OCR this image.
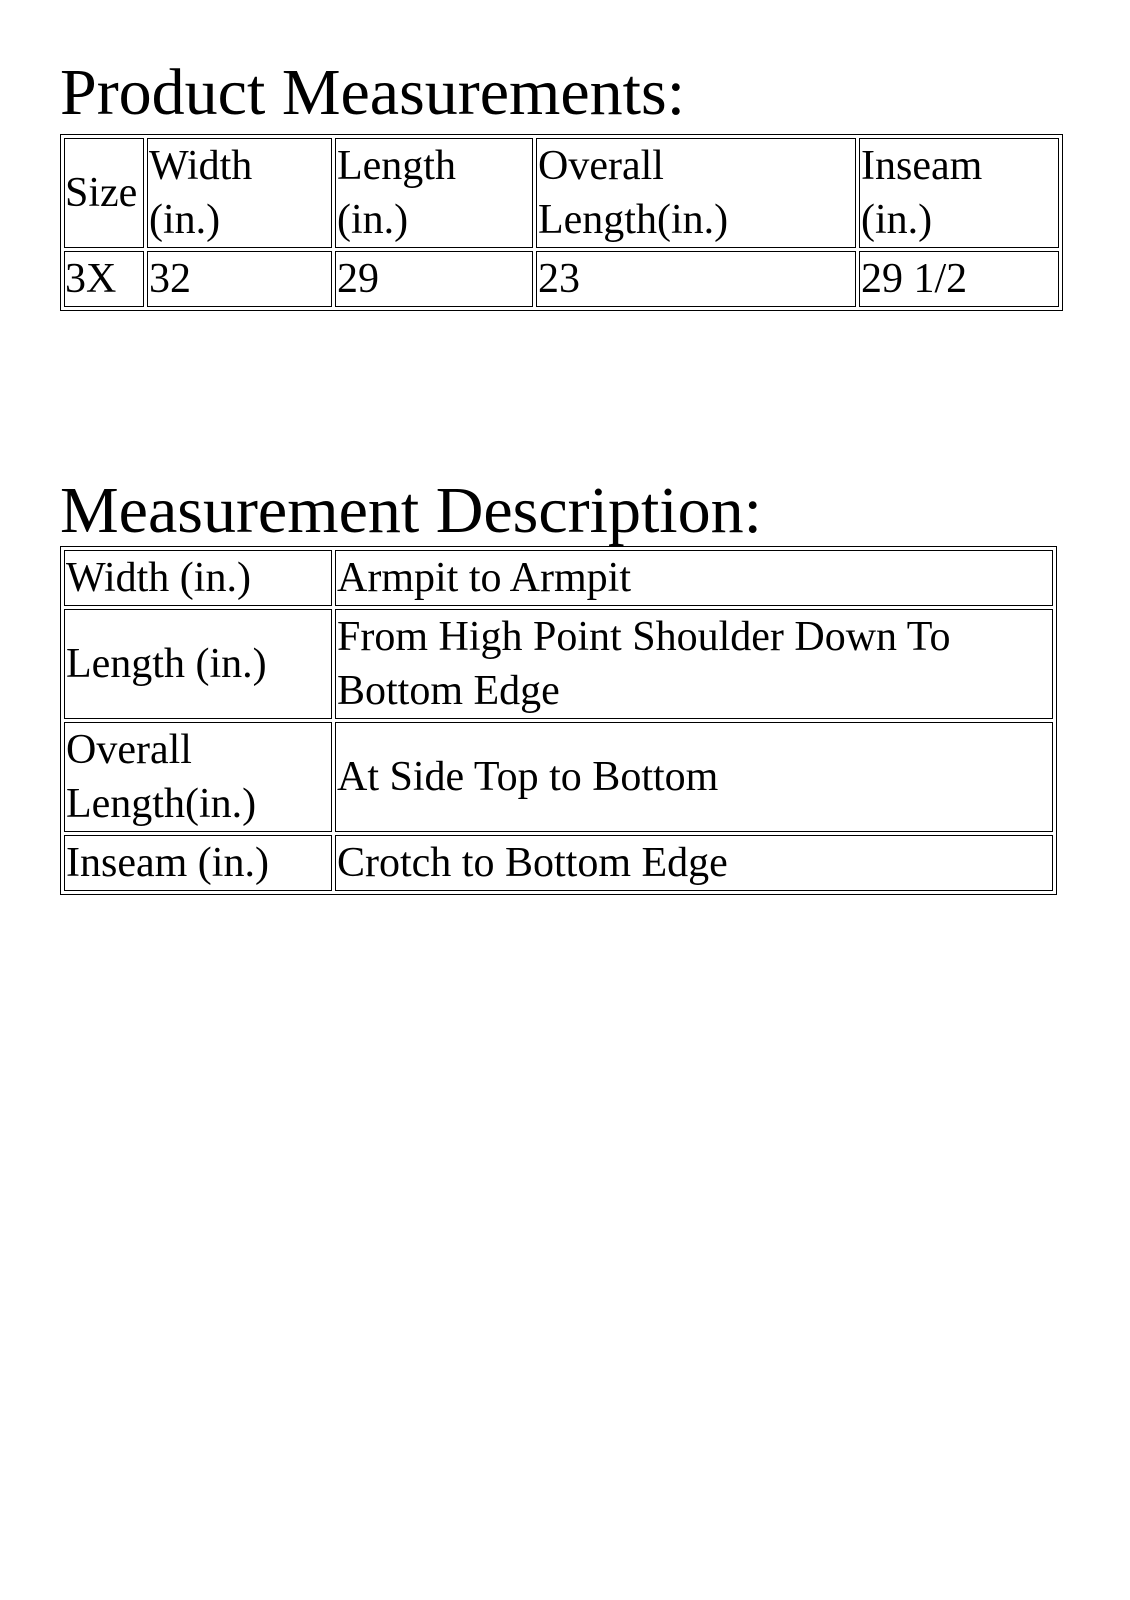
Product Measurements:
Size	Width (in.)	Length (in.)	Overall Length(in.)	Inseam (in.)
3X	32	29	23	29 1/2
Measurement Description:
Width (in.)	Armpit to Armpit
Length (in.)	From High Point Shoulder Down To Bottom Edge
Overall Length(in.)	At Side Top to Bottom
Inseam (in.)	Crotch to Bottom Edge
